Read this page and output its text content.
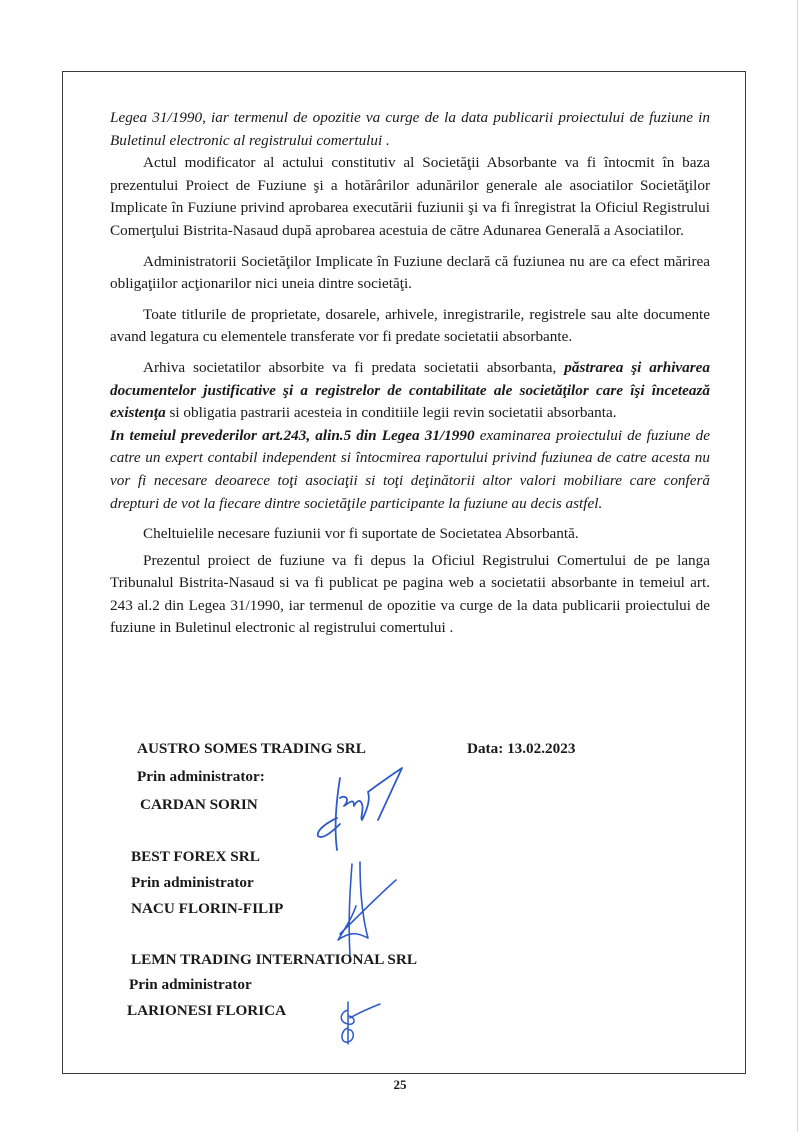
Legea 31/1990, iar termenul de opozitie va curge de la data publicarii proiectului de fuziune in Buletinul electronic al registrului comertului .

Actul modificator al actului constitutiv al Societăţii Absorbante va fi întocmit în baza prezentului Proiect de Fuziune şi a hotărârilor adunărilor generale ale asociatilor Societăţilor Implicate în Fuziune privind aprobarea executării fuziunii şi va fi înregistrat la Oficiul Registrului Comerţului Bistrita-Nasaud după aprobarea acestuia de către Adunarea Generală a Asociatilor.

Administratorii Societăţilor Implicate în Fuziune declară că fuziunea nu are ca efect mărirea obligaţiilor acţionarilor nici uneia dintre societăţi.

Toate titlurile de proprietate, dosarele, arhivele, inregistrarile, registrele sau alte documente avand legatura cu elementele transferate vor fi predate societatii absorbante.

Arhiva societatilor absorbite va fi predata societatii absorbanta, păstrarea şi arhivarea documentelor justificative şi a registrelor de contabilitate ale societăţilor care îşi încetează existenţa si obligatia pastrarii acesteia in conditiile legii revin societatii absorbanta.

In temeiul prevederilor art.243, alin.5 din Legea 31/1990 examinarea proiectului de fuziune de catre un expert contabil independent si întocmirea raportului privind fuziunea de catre acesta nu vor fi necesare deoarece toţi asociaţii si toţi deţinătorii altor valori mobiliare care conferă drepturi de vot la fiecare dintre societăţile participante la fuziune au decis astfel.

Cheltuielile necesare fuziunii vor fi suportate de Societatea Absorbantă.

Prezentul proiect de fuziune va fi depus la Oficiul Registrului Comertului de pe langa Tribunalul Bistrita-Nasaud si va fi publicat pe pagina web a societatii absorbante in temeiul art. 243 al.2 din Legea 31/1990, iar termenul de opozitie va curge de la data publicarii proiectului de fuziune in Buletinul electronic al registrului comertului .

AUSTRO SOMES TRADING SRL	Data: 13.02.2023
Prin administrator:
CARDAN SORIN
BEST FOREX SRL
Prin administrator
NACU FLORIN-FILIP
LEMN TRADING INTERNATIONAL SRL
Prin administrator
LARIONESI FLORICA
25
